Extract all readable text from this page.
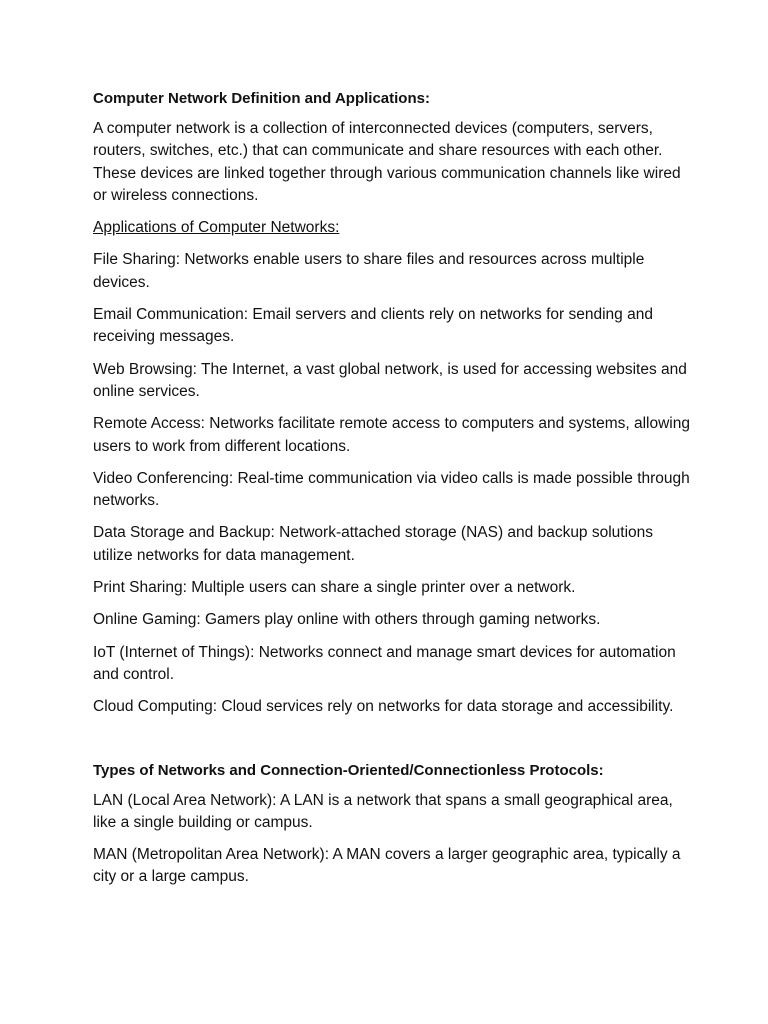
Computer Network Definition and Applications:
A computer network is a collection of interconnected devices (computers, servers, routers, switches, etc.) that can communicate and share resources with each other. These devices are linked together through various communication channels like wired or wireless connections.
Applications of Computer Networks:
File Sharing: Networks enable users to share files and resources across multiple devices.
Email Communication: Email servers and clients rely on networks for sending and receiving messages.
Web Browsing: The Internet, a vast global network, is used for accessing websites and online services.
Remote Access: Networks facilitate remote access to computers and systems, allowing users to work from different locations.
Video Conferencing: Real-time communication via video calls is made possible through networks.
Data Storage and Backup: Network-attached storage (NAS) and backup solutions utilize networks for data management.
Print Sharing: Multiple users can share a single printer over a network.
Online Gaming: Gamers play online with others through gaming networks.
IoT (Internet of Things): Networks connect and manage smart devices for automation and control.
Cloud Computing: Cloud services rely on networks for data storage and accessibility.
Types of Networks and Connection-Oriented/Connectionless Protocols:
LAN (Local Area Network): A LAN is a network that spans a small geographical area, like a single building or campus.
MAN (Metropolitan Area Network): A MAN covers a larger geographic area, typically a city or a large campus.
